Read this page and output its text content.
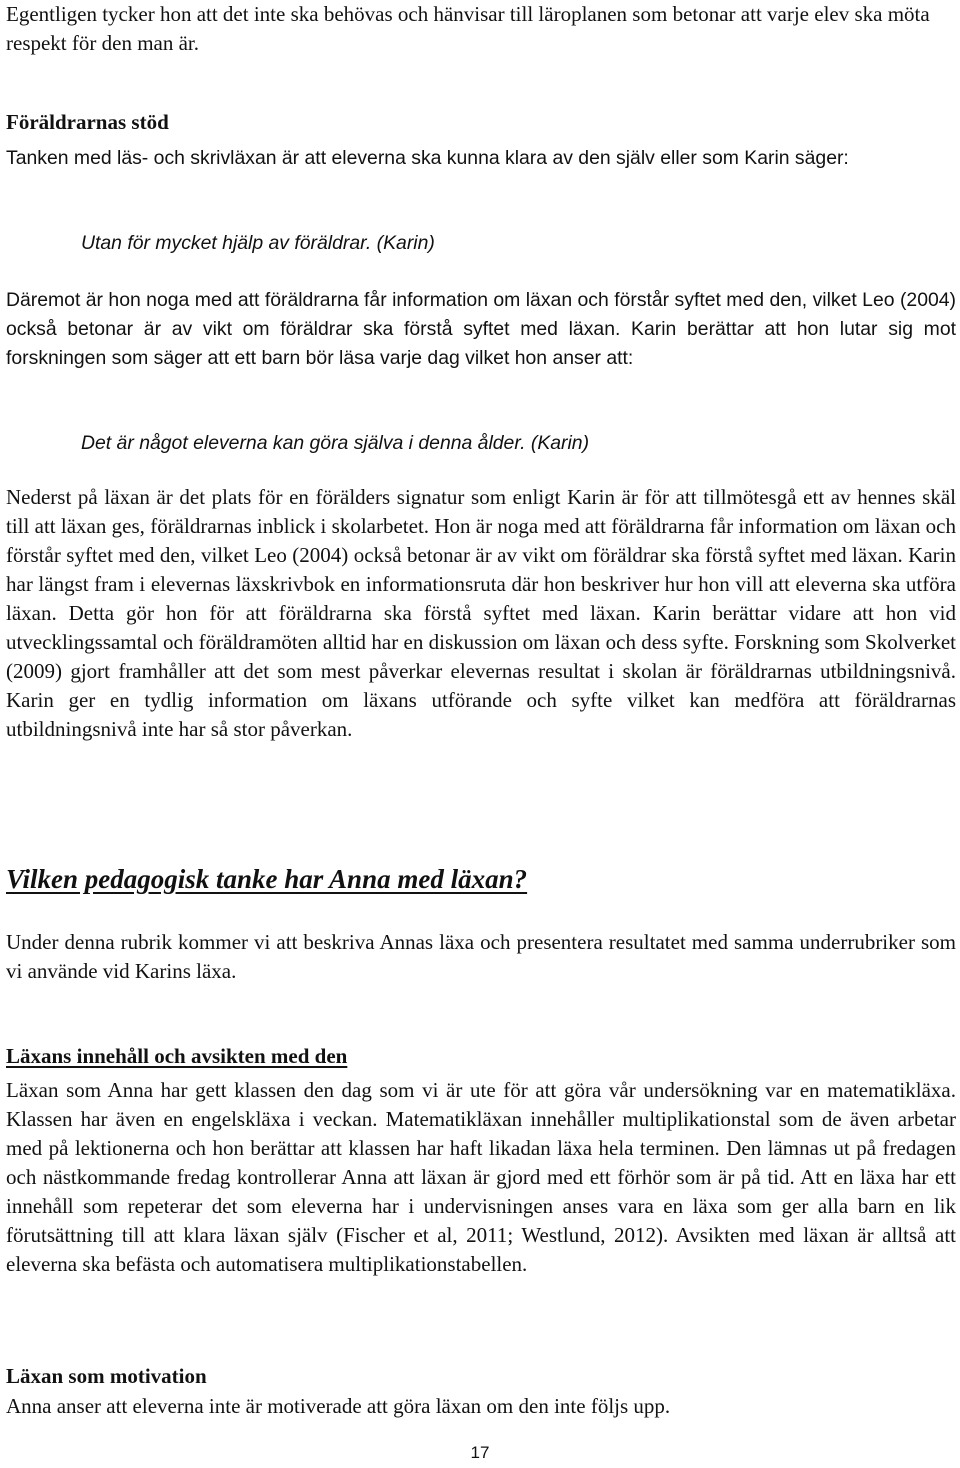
Egentligen tycker hon att det inte ska behövas och hänvisar till läroplanen som betonar att varje elev ska möta respekt för den man är.

Föräldrarnas stöd

Tanken med läs- och skrivläxan är att eleverna ska kunna klara av den själv eller som Karin säger:

Utan för mycket hjälp av föräldrar. (Karin)

Däremot är hon noga med att föräldrarna får information om läxan och förstår syftet med den, vilket Leo (2004) också betonar är av vikt om föräldrar ska förstå syftet med läxan. Karin berättar att hon lutar sig mot forskningen som säger att ett barn bör läsa varje dag vilket hon anser att:

Det är något eleverna kan göra själva i denna ålder. (Karin)

Nederst på läxan är det plats för en förälders signatur som enligt Karin är för att tillmötesgå ett av hennes skäl till att läxan ges, föräldrarnas inblick i skolarbetet. Hon är noga med att föräldrarna får information om läxan och förstår syftet med den, vilket Leo (2004) också betonar är av vikt om föräldrar ska förstå syftet med läxan. Karin har längst fram i elevernas läxskrivbok en informationsruta där hon beskriver hur hon vill att eleverna ska utföra läxan. Detta gör hon för att föräldrarna ska förstå syftet med läxan. Karin berättar vidare att hon vid utvecklingssamtal och föräldramöten alltid har en diskussion om läxan och dess syfte. Forskning som Skolverket (2009) gjort framhåller att det som mest påverkar elevernas resultat i skolan är föräldrarnas utbildningsnivå. Karin ger en tydlig information om läxans utförande och syfte vilket kan medföra att föräldrarnas utbildningsnivå inte har så stor påverkan.

Vilken pedagogisk tanke har Anna med läxan?

Under denna rubrik kommer vi att beskriva Annas läxa och presentera resultatet med samma underrubriker som vi använde vid Karins läxa.

Läxans innehåll och avsikten med den

Läxan som Anna har gett klassen den dag som vi är ute för att göra vår undersökning var en matematikläxa. Klassen har även en engelskläxa i veckan. Matematikläxan innehåller multiplikationstal som de även arbetar med på lektionerna och hon berättar att klassen har haft likadan läxa hela terminen. Den lämnas ut på fredagen och nästkommande fredag kontrollerar Anna att läxan är gjord med ett förhör som är på tid. Att en läxa har ett innehåll som repeterar det som eleverna har i undervisningen anses vara en läxa som ger alla barn en lik förutsättning till att klara läxan själv (Fischer et al, 2011; Westlund, 2012). Avsikten med läxan är alltså att eleverna ska befästa och automatisera multiplikationstabellen.

Läxan som motivation

Anna anser att eleverna inte är motiverade att göra läxan om den inte följs upp.

17
